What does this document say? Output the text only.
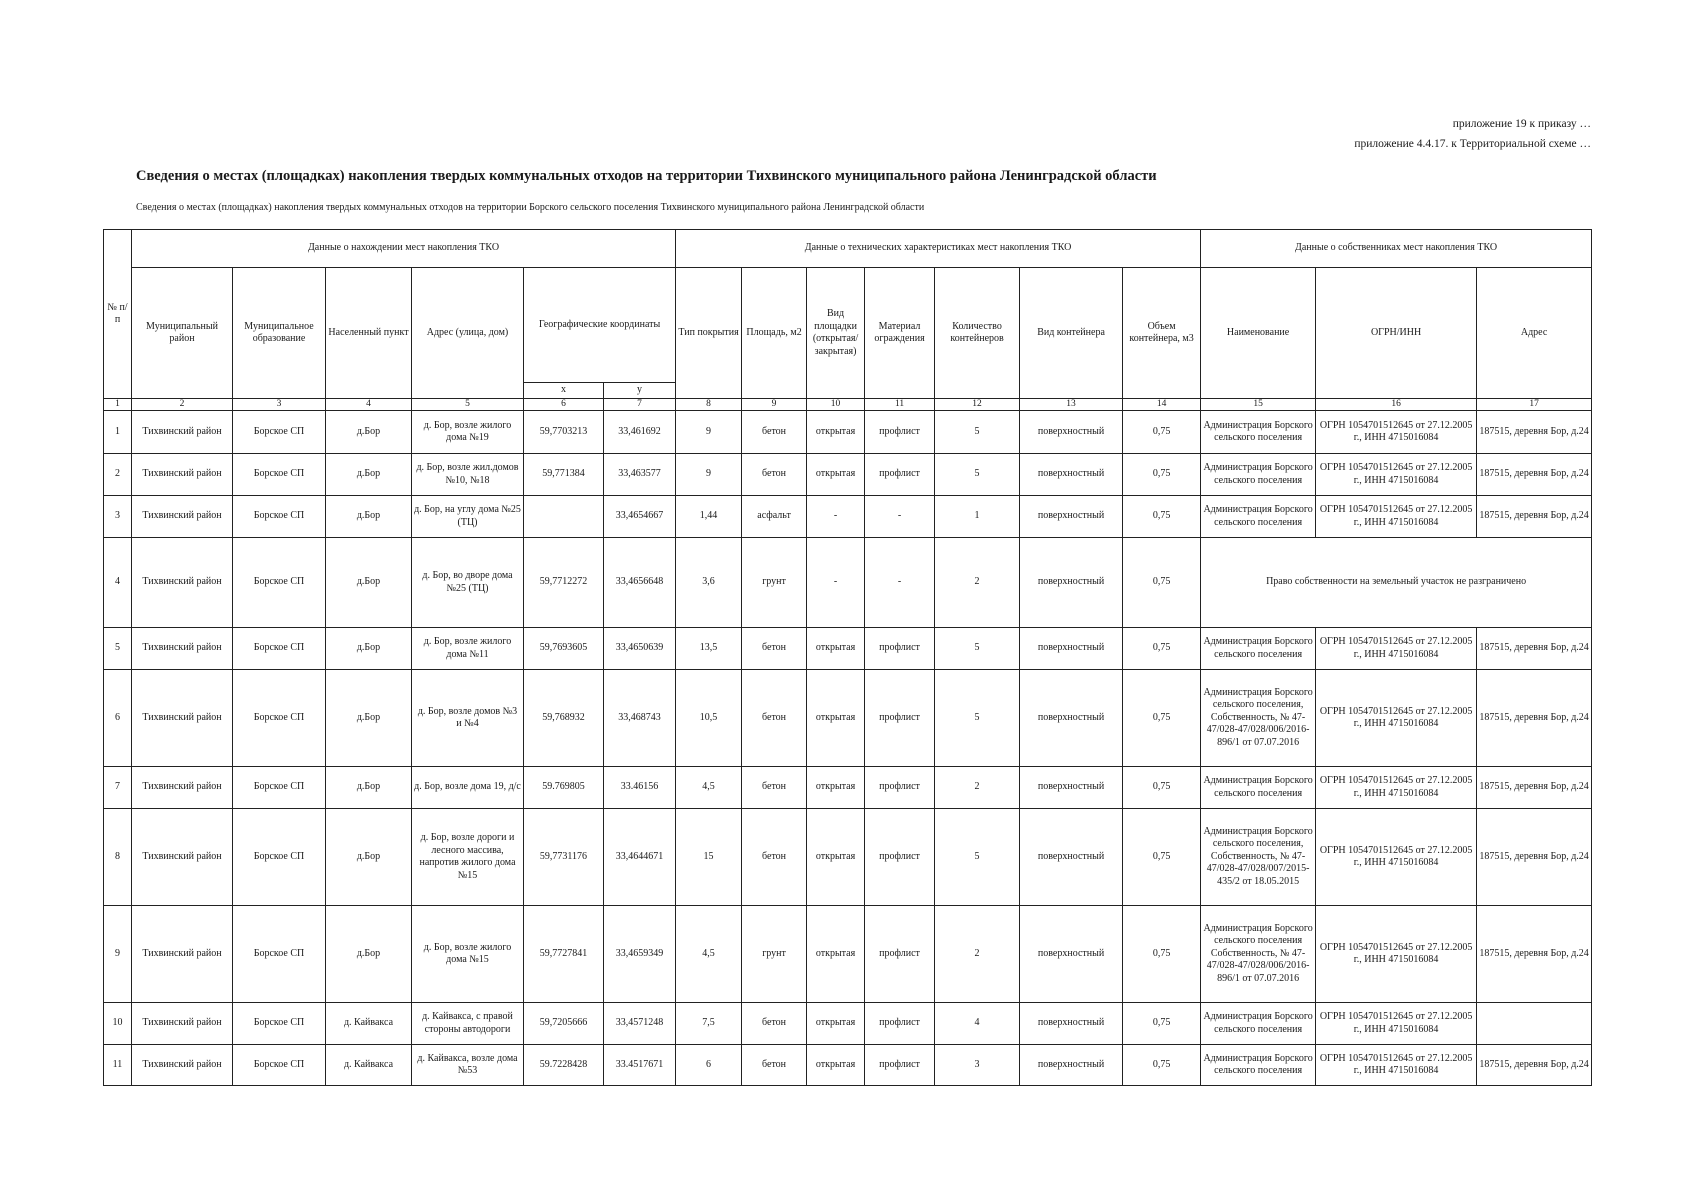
приложение 19 к приказу …
приложение 4.4.17. к Территориальной схеме …
Сведения о местах (площадках) накопления твердых коммунальных отходов на территории Тихвинского муниципального района Ленинградской области
Сведения о местах (площадках) накопления твердых коммунальных отходов на территории Борского сельского поселения Тихвинского муниципального района Ленинградской области
№ п/п	Данные о нахождении мест накопления ТКО						Данные о технических характеристиках мест накопления ТКО							Данные о собственниках мест накопления ТКО		
	Муниципальный район	Муниципальное образование	Населенный пункт	Адрес (улица, дом)	Географические координаты		Тип покрытия	Площадь, м2	Вид площадки (открытая/ закрытая)	Материал ограждения	Количество контейнеров	Вид контейнера	Объем контейнера, м3	Наименование	ОГРН/ИНН	Адрес
					x	y										
1	2	3	4	5	6	7	8	9	10	11	12	13	14	15	16	17
1	Тихвинский район	Борское СП	д.Бор	д. Бор, возле жилого дома №19	59,7703213	33,461692	9	бетон	открытая	профлист	5	поверхностный	0,75	Администрация Борского сельского поселения	ОГРН 1054701512645 от 27.12.2005 г., ИНН 4715016084	187515, деревня Бор, д.24
2	Тихвинский район	Борское СП	д.Бор	д. Бор, возле жил.домов №10, №18	59,771384	33,463577	9	бетон	открытая	профлист	5	поверхностный	0,75	Администрация Борского сельского поселения	ОГРН 1054701512645 от 27.12.2005 г., ИНН 4715016084	187515, деревня Бор, д.24
3	Тихвинский район	Борское СП	д.Бор	д. Бор, на углу дома №25 (ТЦ)		33,4654667	1,44	асфальт	-	-	1	поверхностный	0,75	Администрация Борского сельского поселения	ОГРН 1054701512645 от 27.12.2005 г., ИНН 4715016084	187515, деревня Бор, д.24
4	Тихвинский район	Борское СП	д.Бор	д. Бор, во дворе дома №25 (ТЦ)	59,7712272	33,4656648	3,6	грунт	-	-	2	поверхностный	0,75	Право собственности на земельный участок не разграничено		
5	Тихвинский район	Борское СП	д.Бор	д. Бор, возле жилого дома №11	59,7693605	33,4650639	13,5	бетон	открытая	профлист	5	поверхностный	0,75	Администрация Борского сельского поселения	ОГРН 1054701512645 от 27.12.2005 г., ИНН 4715016084	187515, деревня Бор, д.24
6	Тихвинский район	Борское СП	д.Бор	д. Бор, возле домов №3 и №4	59,768932	33,468743	10,5	бетон	открытая	профлист	5	поверхностный	0,75	Администрация Борского сельского поселения, Собственность, № 47-47/028-47/028/006/2016-896/1 от 07.07.2016	ОГРН 1054701512645 от 27.12.2005 г., ИНН 4715016084	187515, деревня Бор, д.24
7	Тихвинский район	Борское СП	д.Бор	д. Бор, возле дома 19, д/с	59.769805	33.46156	4,5	бетон	открытая	профлист	2	поверхностный	0,75	Администрация Борского сельского поселения	ОГРН 1054701512645 от 27.12.2005 г., ИНН 4715016084	187515, деревня Бор, д.24
8	Тихвинский район	Борское СП	д.Бор	д. Бор, возле дороги и лесного массива, напротив жилого дома №15	59,7731176	33,4644671	15	бетон	открытая	профлист	5	поверхностный	0,75	Администрация Борского сельского поселения, Собственность, № 47-47/028-47/028/007/2015-435/2 от 18.05.2015	ОГРН 1054701512645 от 27.12.2005 г., ИНН 4715016084	187515, деревня Бор, д.24
9	Тихвинский район	Борское СП	д.Бор	д. Бор, возле жилого дома №15	59,7727841	33,4659349	4,5	грунт	открытая	профлист	2	поверхностный	0,75	Администрация Борского сельского поселения Собственность, № 47-47/028-47/028/006/2016-896/1 от 07.07.2016	ОГРН 1054701512645 от 27.12.2005 г., ИНН 4715016084	187515, деревня Бор, д.24
10	Тихвинский район	Борское СП	д. Кайвакса	д. Кайвакса, с правой стороны автодороги	59,7205666	33,4571248	7,5	бетон	открытая	профлист	4	поверхностный	0,75	Администрация Борского сельского поселения	ОГРН 1054701512645 от 27.12.2005 г., ИНН 4715016084	
11	Тихвинский район	Борское СП	д. Кайвакса	д. Кайвакса, возле дома №53	59.7228428	33.4517671	6	бетон	открытая	профлист	3	поверхностный	0,75	Администрация Борского сельского поселения	ОГРН 1054701512645 от 27.12.2005 г., ИНН 4715016084	187515, деревня Бор, д.24
